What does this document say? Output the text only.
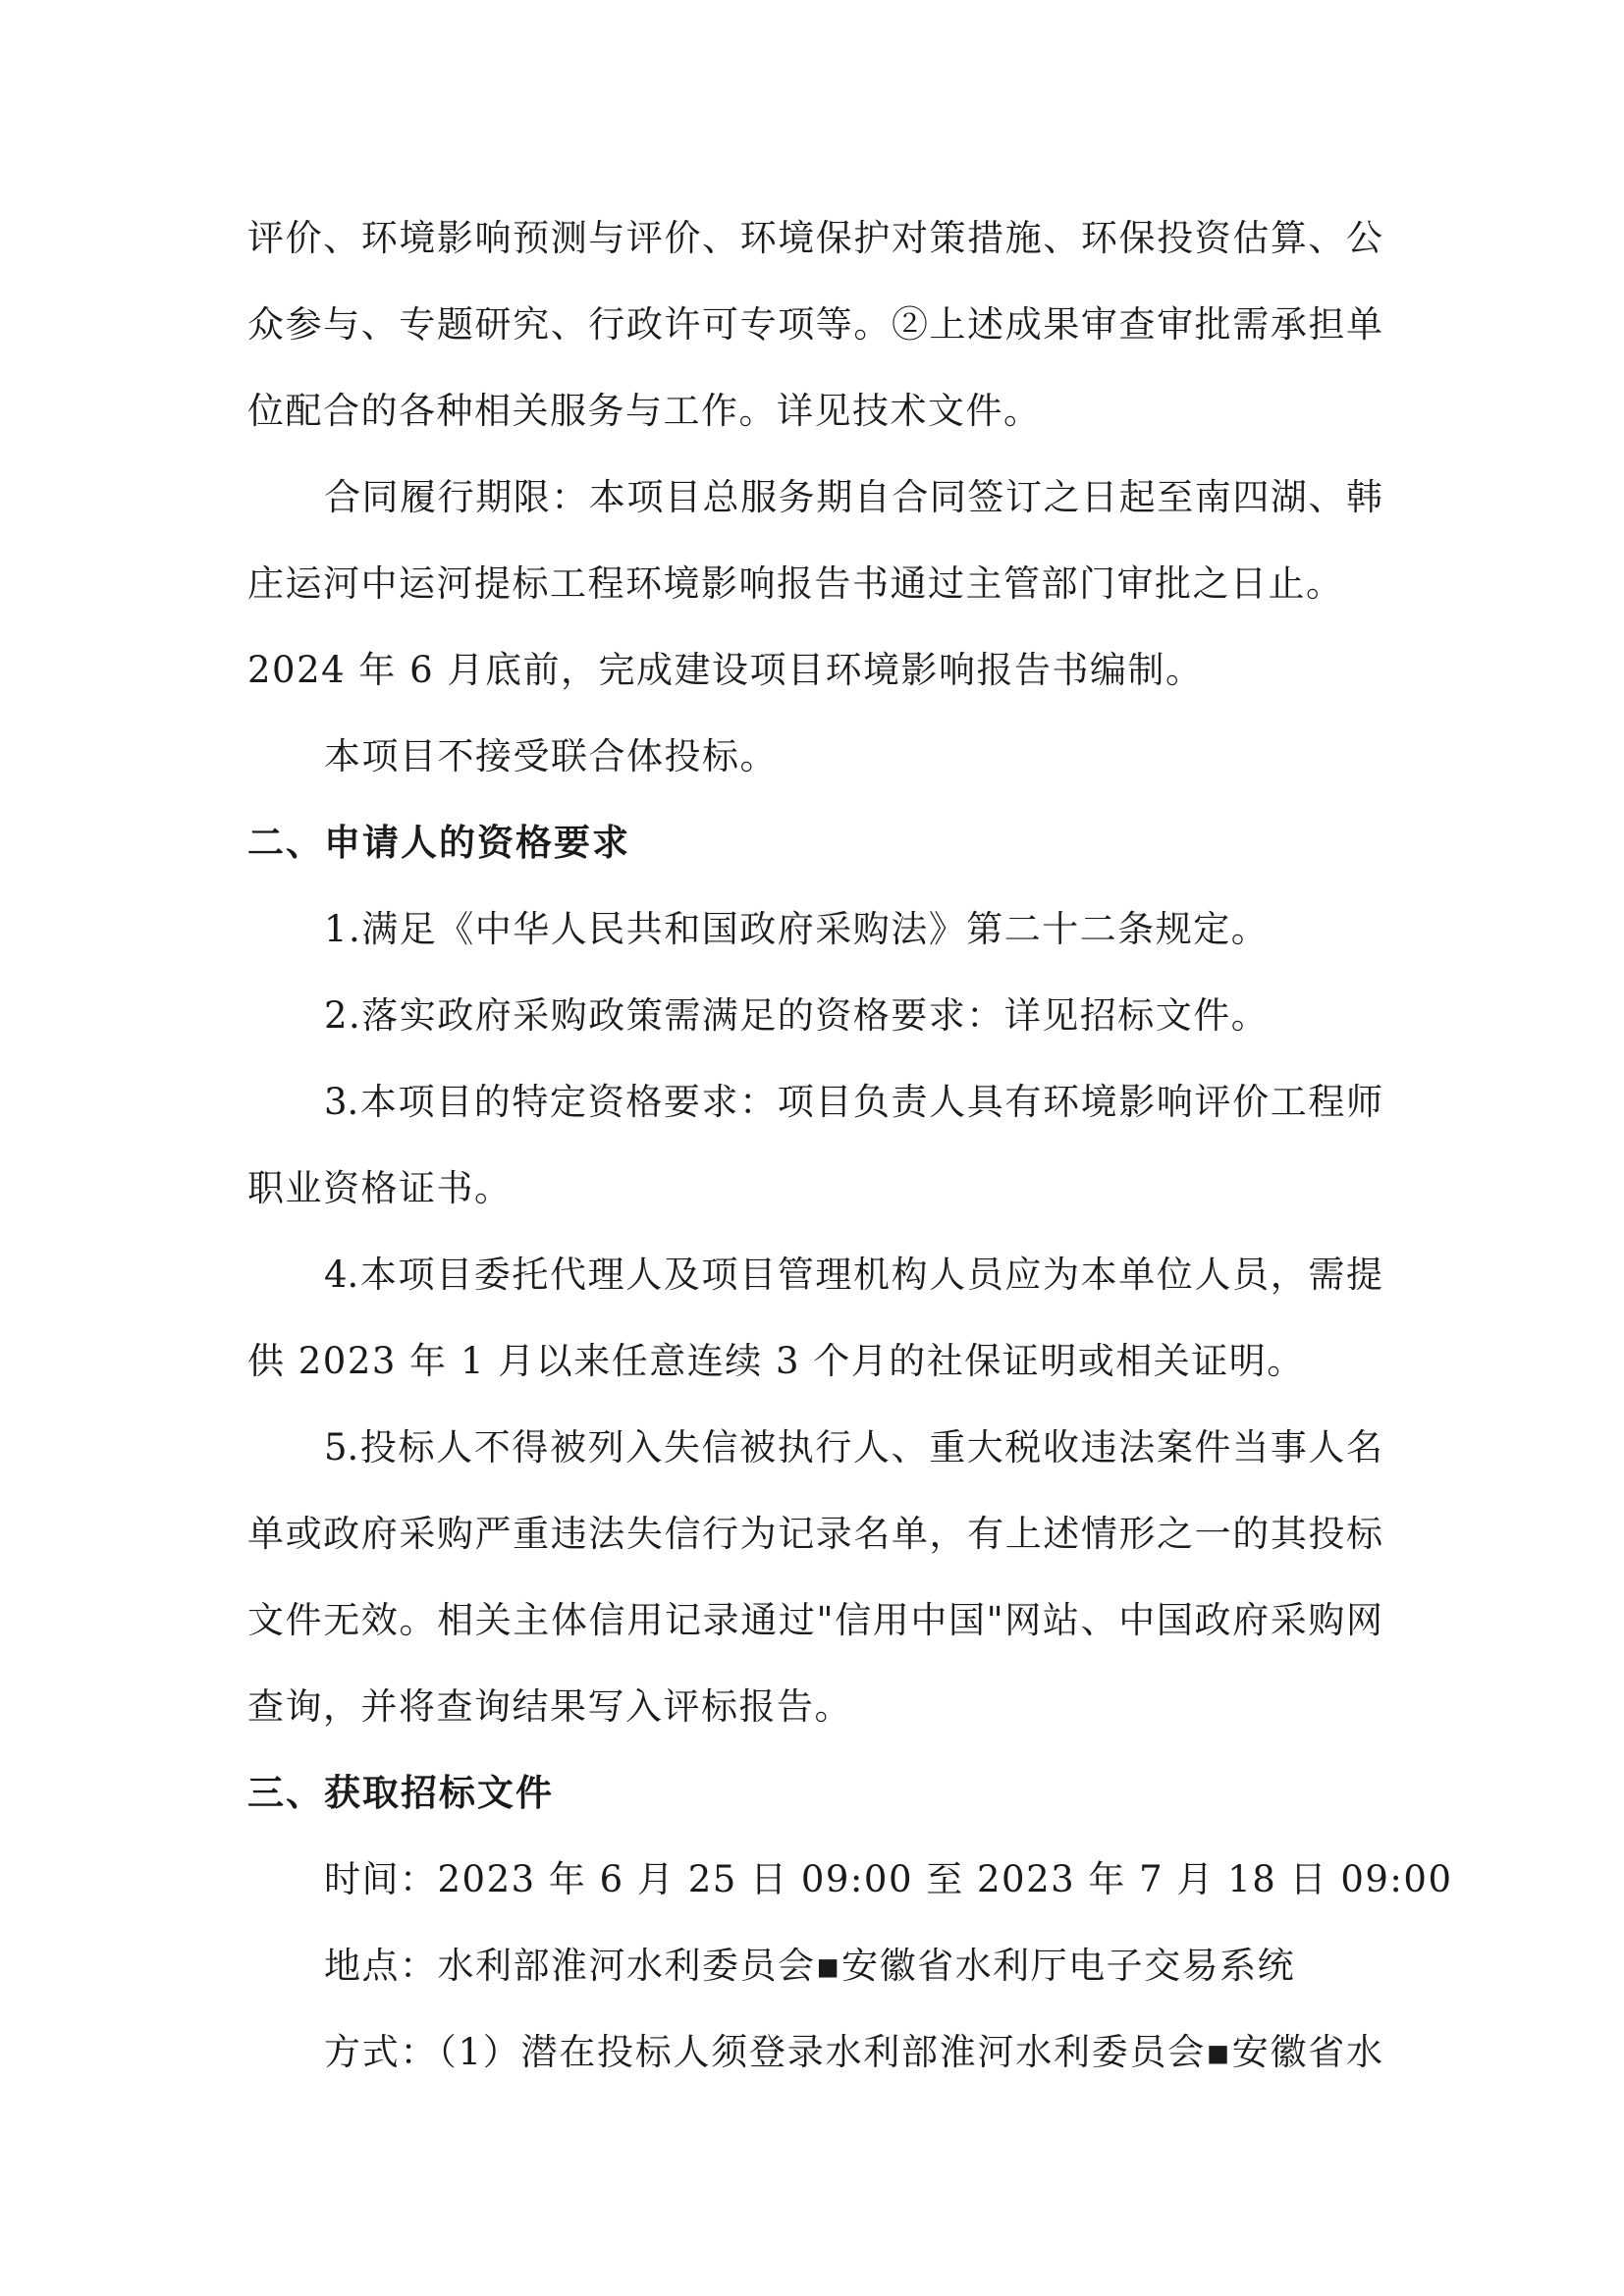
评价、环境影响预测与评价、环境保护对策措施、环保投资估算、公
众参与、专题研究、行政许可专项等。②上述成果审查审批需承担单
位配合的各种相关服务与工作。详见技术文件。
合同履行期限：本项目总服务期自合同签订之日起至南四湖、韩
庄运河中运河提标工程环境影响报告书通过主管部门审批之日止。
2024 年 6 月底前，完成建设项目环境影响报告书编制。
本项目不接受联合体投标。
二、申请人的资格要求
1.满足《中华人民共和国政府采购法》第二十二条规定。
2.落实政府采购政策需满足的资格要求：详见招标文件。
3.本项目的特定资格要求：项目负责人具有环境影响评价工程师
职业资格证书。
4.本项目委托代理人及项目管理机构人员应为本单位人员，需提
供 2023 年 1 月以来任意连续 3 个月的社保证明或相关证明。
5.投标人不得被列入失信被执行人、重大税收违法案件当事人名
单或政府采购严重违法失信行为记录名单，有上述情形之一的其投标
文件无效。相关主体信用记录通过"信用中国"网站、中国政府采购网
查询，并将查询结果写入评标报告。
三、获取招标文件
时间：2023 年 6 月 25 日 09:00 至 2023 年 7 月 18 日 09:00
地点：水利部淮河水利委员会▪安徽省水利厅电子交易系统
方式：（1）潜在投标人须登录水利部淮河水利委员会▪安徽省水
